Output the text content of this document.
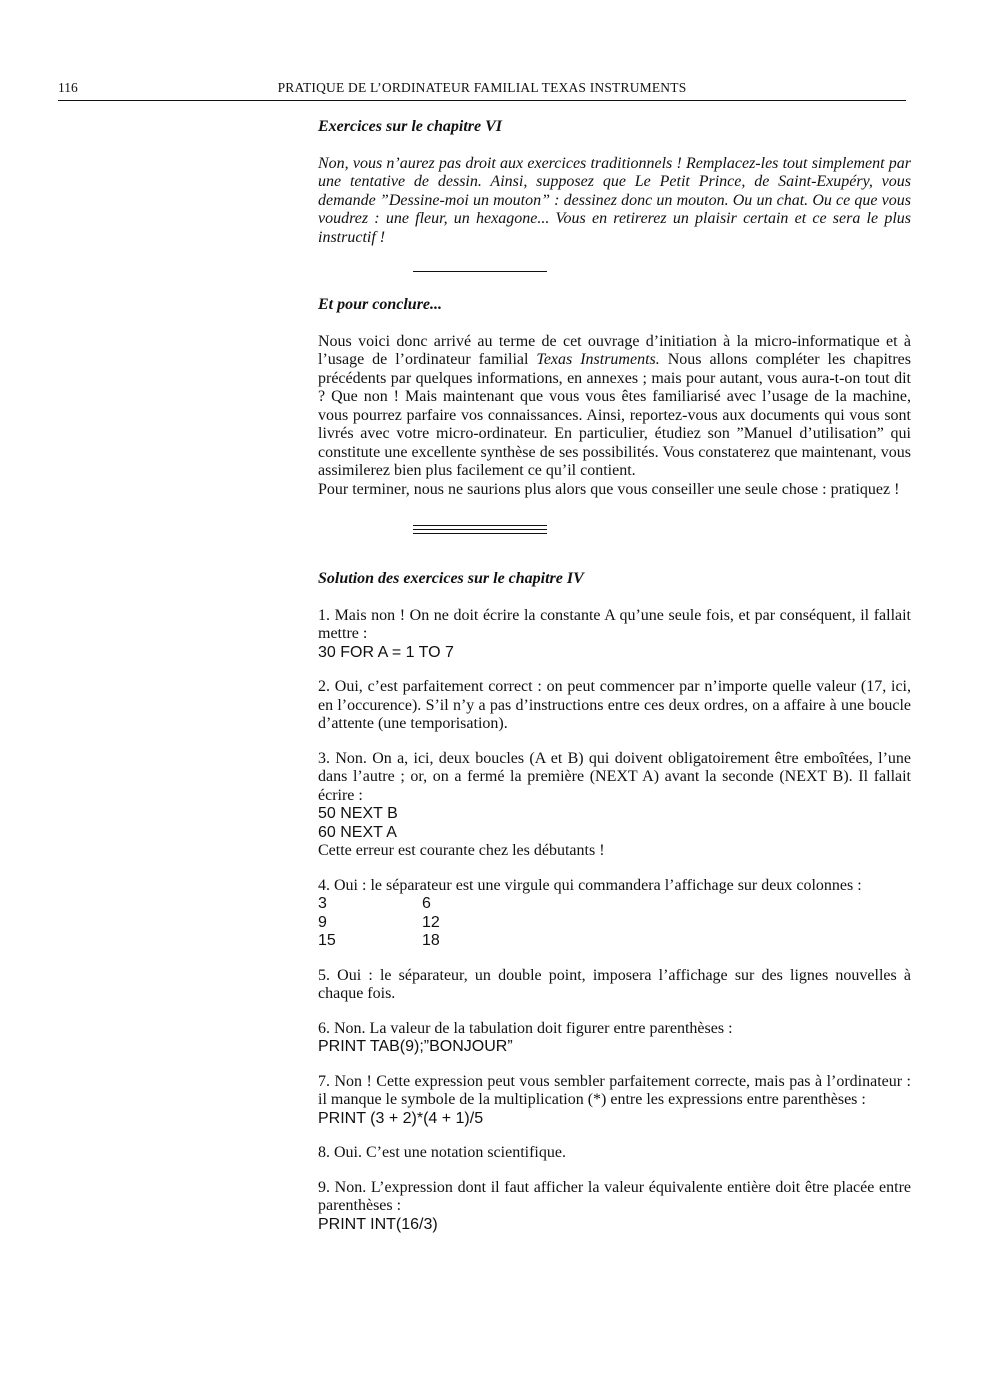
116	PRATIQUE DE L’ORDINATEUR FAMILIAL TEXAS INSTRUMENTS
Exercices sur le chapitre VI

Non, vous n’aurez pas droit aux exercices traditionnels ! Remplacez-les tout simplement par une tentative de dessin. Ainsi, supposez que Le Petit Prince, de Saint-Exupéry, vous demande ”Dessine-moi un mouton” : dessinez donc un mouton. Ou un chat. Ou ce que vous voudrez : une fleur, un hexagone... Vous en retirerez un plaisir certain et ce sera le plus instructif !

Et pour conclure...

Nous voici donc arrivé au terme de cet ouvrage d’initiation à la micro-informatique et à l’usage de l’ordinateur familial Texas Instruments. Nous allons compléter les chapitres précédents par quelques informations, en annexes ; mais pour autant, vous aura-t-on tout dit ? Que non ! Mais maintenant que vous vous êtes familiarisé avec l’usage de la machine, vous pourrez parfaire vos connaissances. Ainsi, reportez-vous aux documents qui vous sont livrés avec votre micro-ordinateur. En particulier, étudiez son ”Manuel d’utilisation” qui constitute une excellente synthèse de ses possibilités. Vous constaterez que maintenant, vous assimilerez bien plus facilement ce qu’il contient.

Pour terminer, nous ne saurions plus alors que vous conseiller une seule chose : pratiquez !

Solution des exercices sur le chapitre IV

1. Mais non ! On ne doit écrire la constante A qu’une seule fois, et par conséquent, il fallait mettre :

30 FOR A = 1 TO 7

2. Oui, c’est parfaitement correct : on peut commencer par n’importe quelle valeur (17, ici, en l’occurence). S’il n’y a pas d’instructions entre ces deux ordres, on a affaire à une boucle d’attente (une temporisation).

3. Non. On a, ici, deux boucles (A et B) qui doivent obligatoirement être emboîtées, l’une dans l’autre ; or, on a fermé la première (NEXT A) avant la seconde (NEXT B). Il fallait écrire :

50 NEXT B
60 NEXT A

Cette erreur est courante chez les débutants !

4. Oui : le séparateur est une virgule qui commandera l’affichage sur deux colonnes :

3	6
9	12
15	18

5. Oui : le séparateur, un double point, imposera l’affichage sur des lignes nouvelles à chaque fois.

6. Non. La valeur de la tabulation doit figurer entre parenthèses :

PRINT TAB(9);”BONJOUR”

7. Non ! Cette expression peut vous sembler parfaitement correcte, mais pas à l’ordinateur : il manque le symbole de la multiplication (*) entre les expressions entre parenthèses :

PRINT (3 + 2)*(4 + 1)/5

8. Oui. C’est une notation scientifique.

9. Non. L’expression dont il faut afficher la valeur équivalente entière doit être placée entre parenthèses :

PRINT INT(16/3)
